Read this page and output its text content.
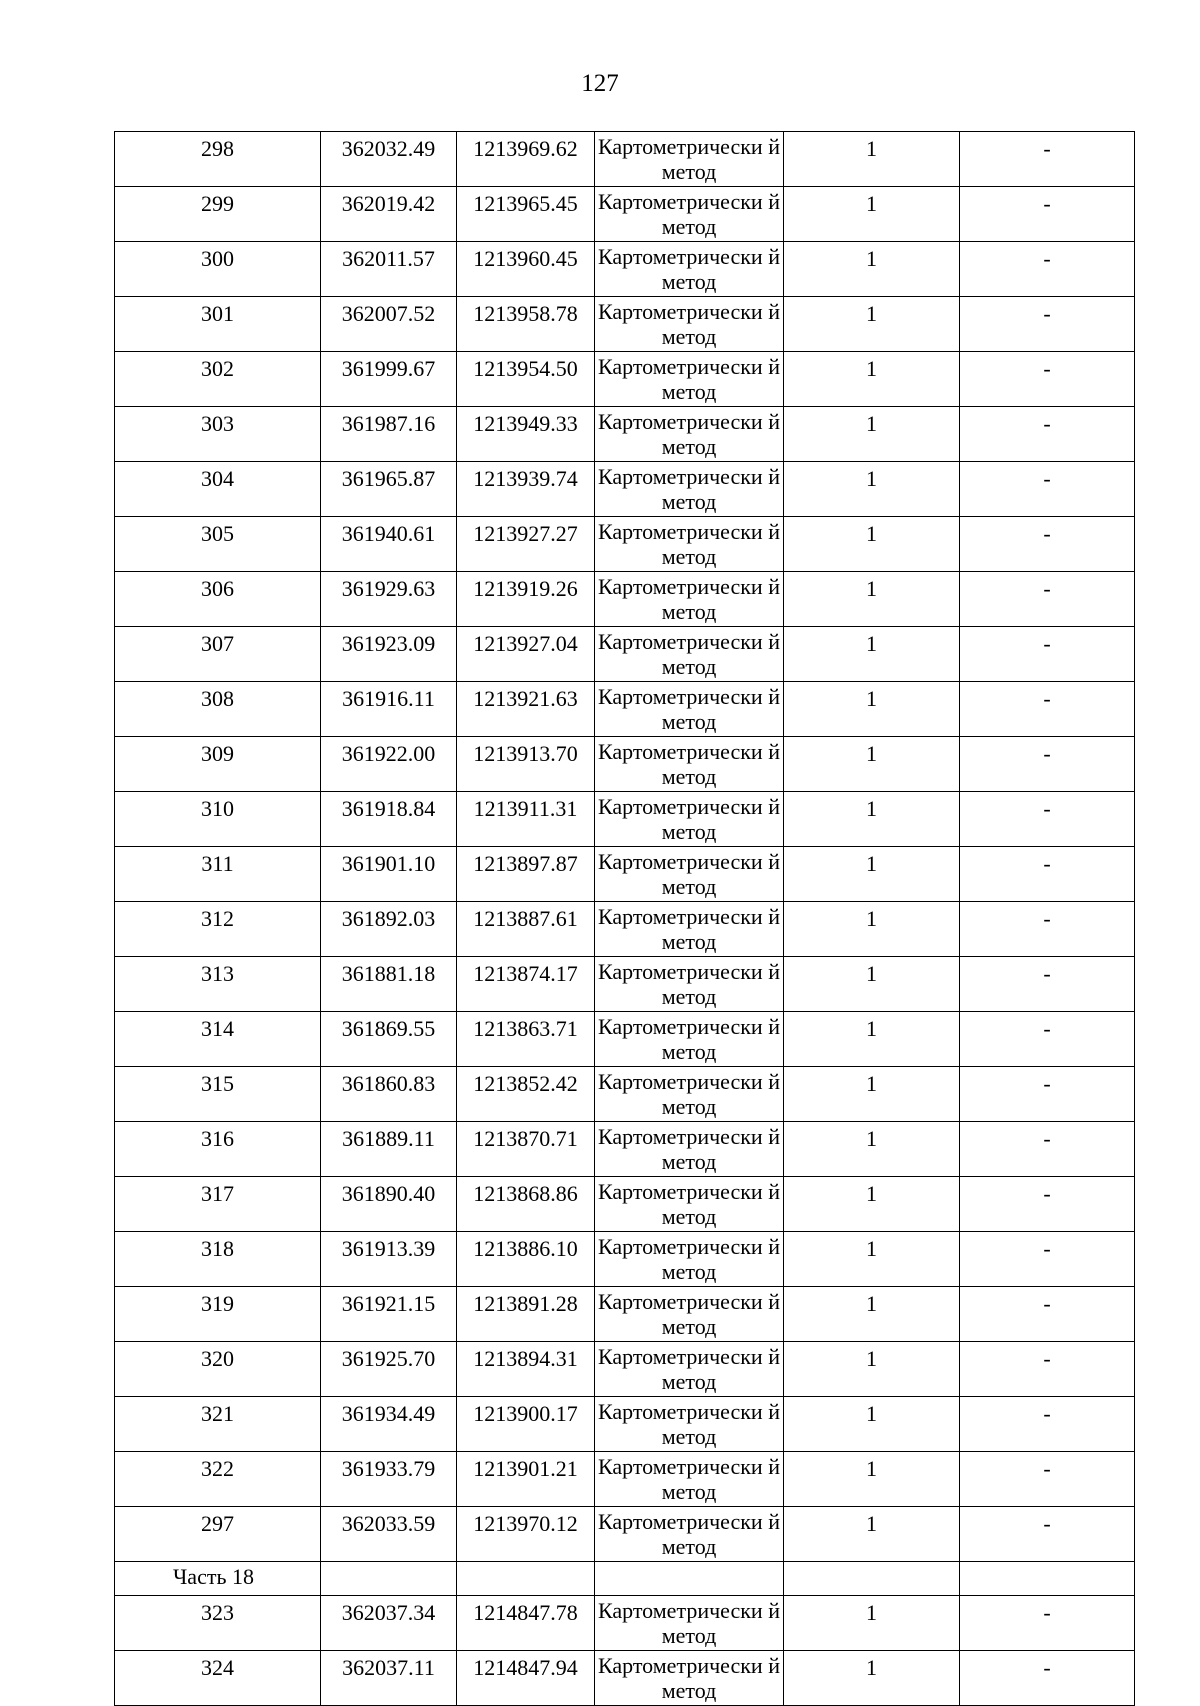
127
298	362032.49	1213969.62	Картометрически й метод	1	-
299	362019.42	1213965.45	Картометрически й метод	1	-
300	362011.57	1213960.45	Картометрически й метод	1	-
301	362007.52	1213958.78	Картометрически й метод	1	-
302	361999.67	1213954.50	Картометрически й метод	1	-
303	361987.16	1213949.33	Картометрически й метод	1	-
304	361965.87	1213939.74	Картометрически й метод	1	-
305	361940.61	1213927.27	Картометрически й метод	1	-
306	361929.63	1213919.26	Картометрически й метод	1	-
307	361923.09	1213927.04	Картометрически й метод	1	-
308	361916.11	1213921.63	Картометрически й метод	1	-
309	361922.00	1213913.70	Картометрически й метод	1	-
310	361918.84	1213911.31	Картометрически й метод	1	-
311	361901.10	1213897.87	Картометрически й метод	1	-
312	361892.03	1213887.61	Картометрически й метод	1	-
313	361881.18	1213874.17	Картометрически й метод	1	-
314	361869.55	1213863.71	Картометрически й метод	1	-
315	361860.83	1213852.42	Картометрически й метод	1	-
316	361889.11	1213870.71	Картометрически й метод	1	-
317	361890.40	1213868.86	Картометрически й метод	1	-
318	361913.39	1213886.10	Картометрически й метод	1	-
319	361921.15	1213891.28	Картометрически й метод	1	-
320	361925.70	1213894.31	Картометрически й метод	1	-
321	361934.49	1213900.17	Картометрически й метод	1	-
322	361933.79	1213901.21	Картометрически й метод	1	-
297	362033.59	1213970.12	Картометрически й метод	1	-
Часть 18					
323	362037.34	1214847.78	Картометрически й метод	1	-
324	362037.11	1214847.94	Картометрически й метод	1	-
